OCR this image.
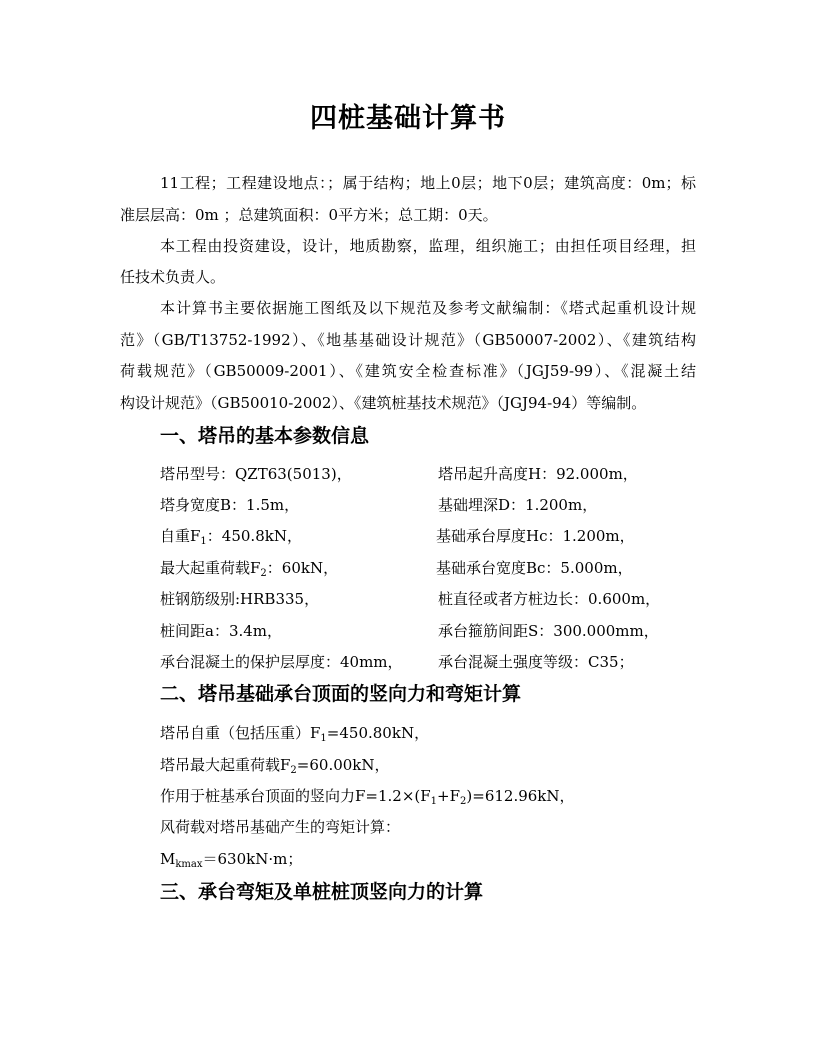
四桩基础计算书
11工程；工程建设地点：；属于结构；地上0层；地下0层；建筑高度：0m；标
准层层高：0m ；总建筑面积：0平方米；总工期：0天。
本工程由投资建设，设计，地质勘察，监理，组织施工；由担任项目经理，担
任技术负责人。
本计算书主要依据施工图纸及以下规范及参考文献编制：《塔式起重机设计规
范》（GB/T13752-1992）、《地基基础设计规范》（GB50007-2002）、《建筑结构
荷载规范》（GB50009-2001）、《建筑安全检查标准》（JGJ59-99）、《混凝土结
构设计规范》（GB50010-2002）、《建筑桩基技术规范》（JGJ94-94）等编制。
一、塔吊的基本参数信息
塔吊型号：QZT63(5013)，	塔吊起升高度H：92.000m，
塔身宽度B：1.5m，	基础埋深D：1.200m，
自重$F_1$：450.8kN，	基础承台厚度Hc：1.200m，
最大起重荷载$F_2$：60kN，	基础承台宽度Bc：5.000m，
桩钢筋级别:HRB335，	桩直径或者方桩边长：0.600m，
桩间距a：3.4m，	承台箍筋间距S：300.000mm，
承台混凝土的保护层厚度：40mm， 承台混凝土强度等级：C35；
二、塔吊基础承台顶面的竖向力和弯矩计算
塔吊自重（包括压重）$F_1=450.80kN$，
塔吊最大起重荷载$F_2=60.00kN$，
作用于桩基承台顶面的竖向力$F=1.2\times(F_1+F_2)=612.96kN$，
风荷载对塔吊基础产生的弯矩计算：
$M_{kmax}=630kN\cdot m$；
三、承台弯矩及单桩桩顶竖向力的计算
